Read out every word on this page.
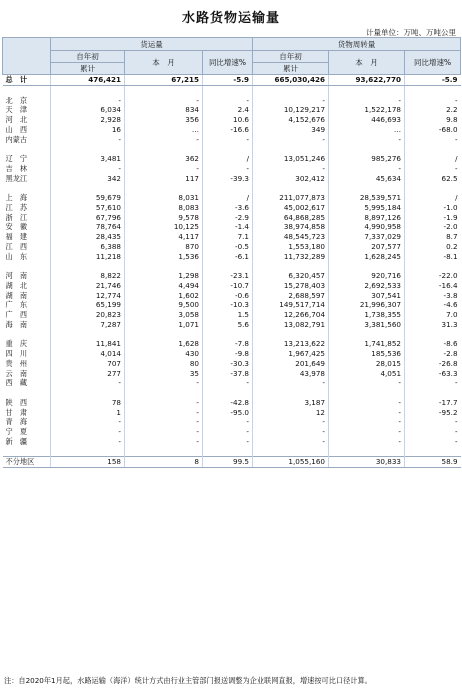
水路货物运输量
计量单位：万吨、万吨公里
	货运量			货物周转量		
	自年初	本　月	同比增速%	自年初	本　月	同比增速%
	累计			累计		
总　计	476,421	67,215	-5.9	665,030,426	93,622,770	-5.9

北　京	-	-	-	-	-	-
天　津	6,034	834	2.4	10,129,217	1,522,178	2.2
河　北	2,928	356	10.6	4,152,676	446,693	9.8
山　西	16	…	-16.6	349	…	-68.0
内蒙古	-	-	-	-	-	-

辽　宁	3,481	362	/	13,051,246	985,276	/
吉　林	-	-	-	-	-	-
黑龙江	342	117	-39.3	302,412	45,634	62.5

上　海	59,679	8,031	/	211,077,873	28,539,571	/
江　苏	57,610	8,083	-3.6	45,002,617	5,995,184	-1.0
浙　江	67,796	9,578	-2.9	64,868,285	8,897,126	-1.9
安　徽	78,764	10,125	-1.4	38,974,858	4,990,958	-2.0
福　建	28,435	4,117	7.1	48,545,723	7,337,029	8.7
江　西	6,388	870	-0.5	1,553,180	207,577	0.2
山　东	11,218	1,536	-6.1	11,732,289	1,628,245	-8.1

河　南	8,822	1,298	-23.1	6,320,457	920,716	-22.0
湖　北	21,746	4,494	-10.7	15,278,403	2,692,533	-16.4
湖　南	12,774	1,602	-0.6	2,688,597	307,541	-3.8
广　东	65,199	9,500	-10.3	149,517,714	21,996,307	-4.6
广　西	20,823	3,058	1.5	12,266,704	1,738,355	7.0
海　南	7,287	1,071	5.6	13,082,791	3,381,560	31.3

重　庆	11,841	1,628	-7.8	13,213,622	1,741,852	-8.6
四　川	4,014	430	-9.8	1,967,425	185,536	-2.8
贵　州	707	80	-30.3	201,649	28,015	-26.8
云　南	277	35	-37.8	43,978	4,051	-63.3
西　藏	-	-	-	-	-	-

陕　西	78	-	-42.8	3,187	-	-17.7
甘　肃	1	-	-95.0	12	-	-95.2
青　海	-	-	-	-	-	-
宁　夏	-	-	-	-	-	-
新　疆	-	-	-	-	-	-

不分地区	158	8	99.5	1,055,160	30,833	58.9
注：自2020年1月起，水路运输（海洋）统计方式由行业主管部门报送调整为企业联网直报，增速按可比口径计算。
